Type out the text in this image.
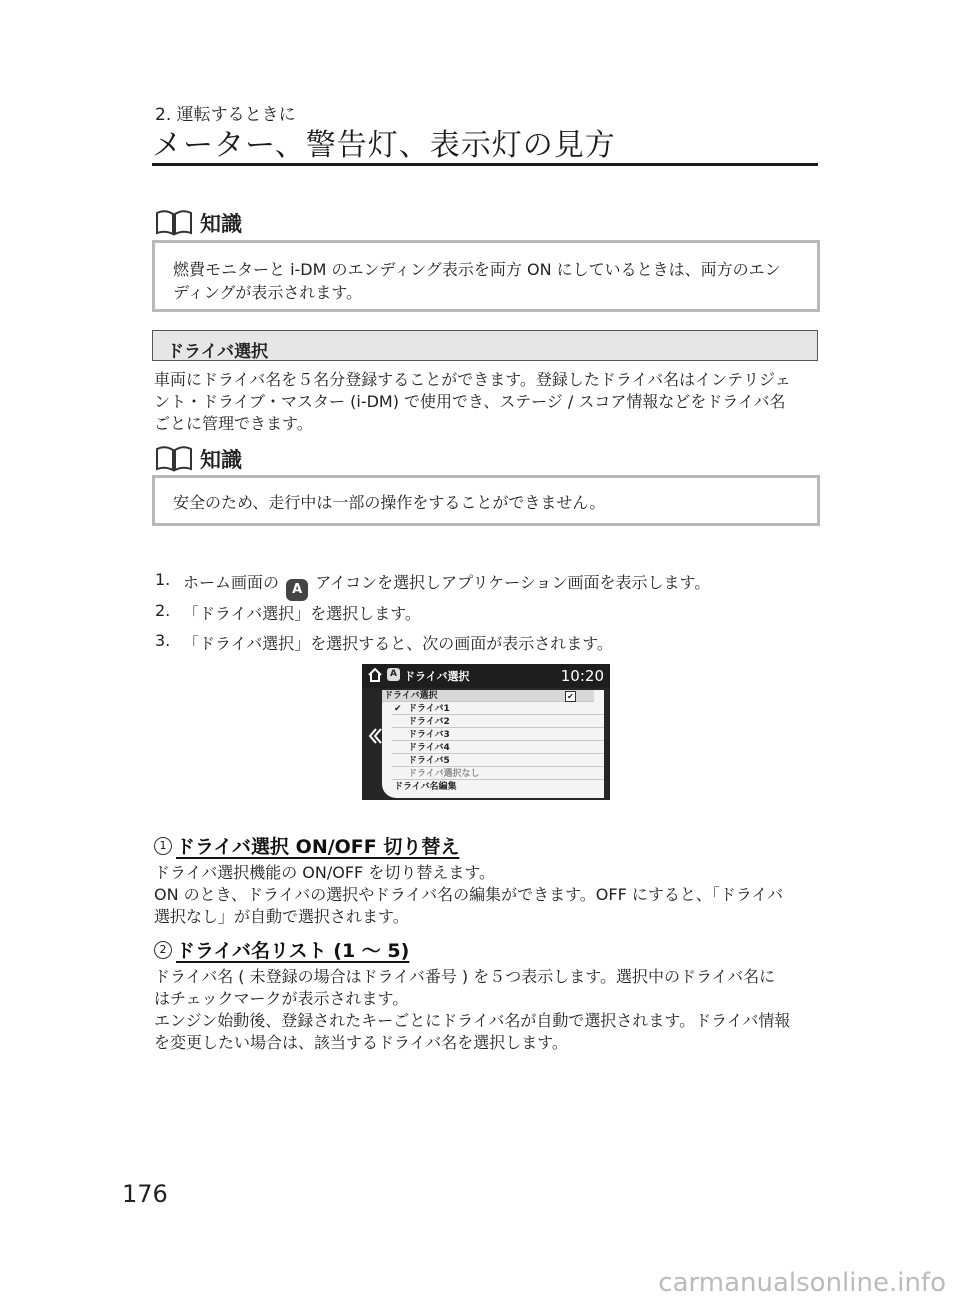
2. 運転するときに
メーター、警告灯、表示灯の見方
知識
燃費モニターと i-DM のエンディング表示を両方 ON にしているときは、両方のエン
ディングが表示されます。
ドライバ選択
車両にドライバ名を５名分登録することができます。登録したドライバ名はインテリジェ
ント・ドライブ・マスター (i-DM) で使用でき、ステージ / スコア情報などをドライバ名
ごとに管理できます。
知識
安全のため、走行中は一部の操作をすることができません。
1. ホーム画面の A アイコンを選択しアプリケーション画面を表示します。
2. 「ドライバ選択」を選択します。
3. 「ドライバ選択」を選択すると、次の画面が表示されます。
A ドライバ選択	10:20
ドライバ選択	✔
✔ ドライバ1
ドライバ2
ドライバ3
ドライバ4
ドライバ5
ドライバ選択なし
ドライバ名編集
1 ドライバ選択 ON/OFF 切り替え
ドライバ選択機能の ON/OFF を切り替えます。
ON のとき、ドライバの選択やドライバ名の編集ができます。OFF にすると、「ドライバ
選択なし」が自動で選択されます。
2 ドライバ名リスト (1 ～ 5)
ドライバ名 ( 未登録の場合はドライバ番号 ) を５つ表示します。選択中のドライバ名に
はチェックマークが表示されます。
エンジン始動後、登録されたキーごとにドライバ名が自動で選択されます。ドライバ情報
を変更したい場合は、該当するドライバ名を選択します。
176
carmanualsonline.info
